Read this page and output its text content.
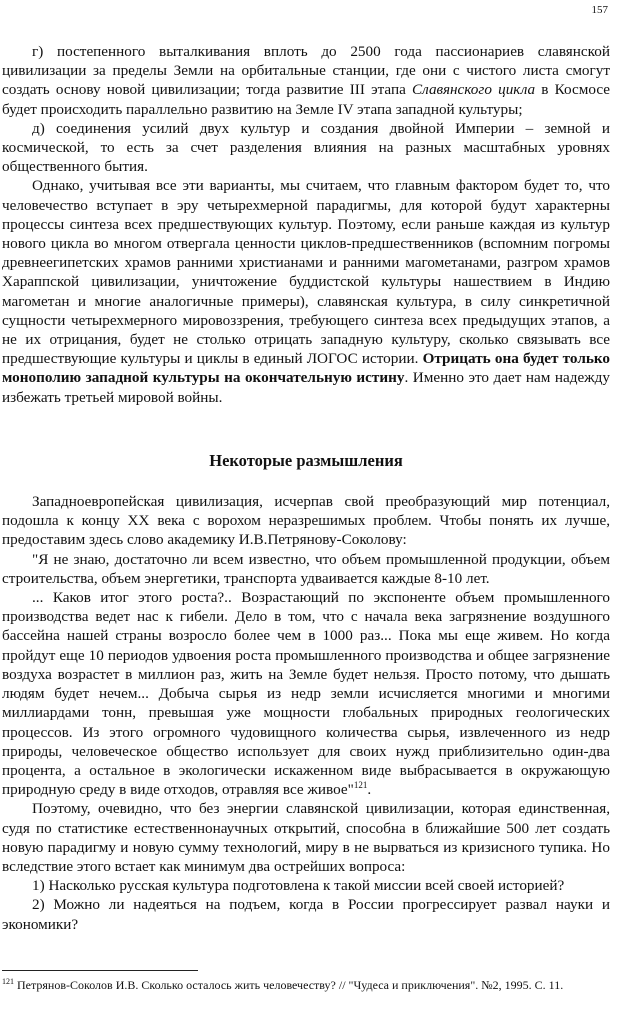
157

г) постепенного выталкивания вплоть до 2500 года пассионариев славянской цивилизации за пределы Земли на орбитальные станции, где они с чистого листа смогут создать основу новой цивилизации; тогда развитие III этапа Славянского цикла в Космосе будет происходить параллельно развитию на Земле IV этапа западной культуры;

д) соединения усилий двух культур и создания двойной Империи – земной и космической, то есть за счет разделения влияния на разных масштабных уровнях общественного бытия.

Однако, учитывая все эти варианты, мы считаем, что главным фактором будет то, что человечество вступает в эру четырехмерной парадигмы, для которой будут характерны процессы синтеза всех предшествующих культур. Поэтому, если раньше каждая из культур нового цикла во многом отвергала ценности циклов-предшественников (вспомним погромы древнеегипетских храмов ранними христианами и ранними магометанами, разгром храмов Хараппской цивилизации, уничтожение буддистской культуры нашествием в Индию магометан и многие аналогичные примеры), славянская культура, в силу синкретичной сущности четырехмерного мировоззрения, требующего синтеза всех предыдущих этапов, а не их отрицания, будет не столько отрицать западную культуру, сколько связывать все предшествующие культуры и циклы в единый ЛОГОС истории. Отрицать она будет только монополию западной культуры на окончательную истину. Именно это дает нам надежду избежать третьей мировой войны.

Некоторые размышления

Западноевропейская цивилизация, исчерпав свой преобразующий мир потенциал, подошла к концу XX века с ворохом неразрешимых проблем. Чтобы понять их лучше, предоставим здесь слово академику И.В.Петрянову-Соколову:

"Я не знаю, достаточно ли всем известно, что объем промышленной продукции, объем строительства, объем энергетики, транспорта удваивается каждые 8-10 лет.

... Каков итог этого роста?.. Возрастающий по экспоненте объем промышленного производства ведет нас к гибели. Дело в том, что с начала века загрязнение воздушного бассейна нашей страны возросло более чем в 1000 раз... Пока мы еще живем. Но когда пройдут еще 10 периодов удвоения роста промышленного производства и общее загрязнение воздуха возрастет в миллион раз, жить на Земле будет нельзя. Просто потому, что дышать людям будет нечем... Добыча сырья из недр земли исчисляется многими и многими миллиардами тонн, превышая уже мощности глобальных природных геологических процессов. Из этого огромного чудовищного количества сырья, извлеченного из недр природы, человеческое общество использует для своих нужд приблизительно один-два процента, а остальное в экологически искаженном виде выбрасывается в окружающую природную среду в виде отходов, отравляя все живое"$^{121}$.

Поэтому, очевидно, что без энергии славянской цивилизации, которая единственная, судя по статистике естественнонаучных открытий, способна в ближайшие 500 лет создать новую парадигму и новую сумму технологий, миру в не вырваться из кризисного тупика. Но вследствие этого встает как минимум два острейших вопроса:

1) Насколько русская культура подготовлена к такой миссии всей своей историей?

2) Можно ли надеяться на подъем, когда в России прогрессирует развал науки и экономики?

$^{121}$ Петрянов-Соколов И.В. Сколько осталось жить человечеству? // "Чудеса и приключения". №2, 1995. С. 11.
